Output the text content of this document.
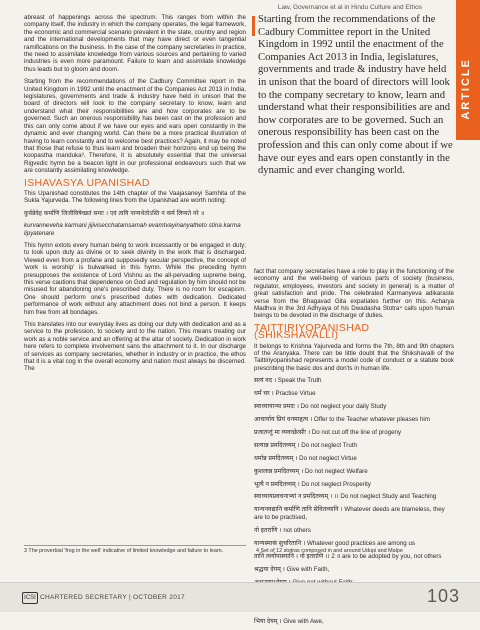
Law, Governance et al in Hindu Culture and Ethos
ARTICLE

abreast of happenings across the spectrum. This ranges from within the company itself, the industry in which the company operates, the legal framework, the economic and commercial scenario prevalent in the state, country and region and the international developments that may have direct or even tangential ramifications on the business. In the case of the company secretaries in practice, the need to assimilate knowledge from various sources and pertaining to varied industries is even more paramount. Failure to learn and assimilate knowledge thus leads but to gloom and doom.

Starting from the recommendations of the Cadbury Committee report in the United Kingdom in 1992 until the enactment of the Companies Act 2013 in India, legislatures, governments and trade & industry have held in unison that the board of directors will look to the company secretary to know, learn and understand what their responsibilities are and how corporates are to be governed. Such an onerous responsibility has been cast on the profession and this can only come about if we have our eyes and ears open constantly in the dynamic and ever changing world. Can there be a more practical illustration of having to learn constantly and to welcome best practices? Again, it may be noted that those that refuse to thus learn and broaden their horizons end up being the koopastha manduka³. Therefore, it is absolutely essential that the universal Rigvedic hymn be a beacon light in our professional endeavours such that we are constantly assimilating knowledge.

ISHAVASYA UPANISHAD

This Upanishad constitutes the 14th chapter of the Vaajasaneyi Samhita of the Sukla Yajurveda. The following lines from the Upanishad are worth noting:

कुर्वन्नेवेह कर्माणि जिजीविषेच्छतं समाः । एवं त्वयि नान्यथेतोऽस्ति न कर्म लिप्यते नरे ॥

kurvanneveha karmani jijivisecchatamsamah evamtvayinanyatheto stina karma lipyatenare

This hymn extols every human being to work incessantly or be engaged in duty; to look upon duty as divine or to seek divinity in the work that is discharged. Viewed even from a profane and supposedly secular perspective, the concept of 'work is worship' is bulwarked in this hymn. While the preceding hymn presupposes the existence of Lord Vishnu as the all-pervading supreme being, this verse cautions that dependence on God and regulation by him should not be misused for abandoning one's prescribed duty. There is no room for escapism. One should perform one's prescribed duties with dedication. Dedicated performance of work without any attachment does not bind a person. It keeps him free from all bondages.

This translates into our everyday lives as doing our duty with dedication and as a service to the profession, to society and to the nation. This means treating our work as a noble service and an offering at the altar of society. Dedication in work here refers to complete involvement sans the attachment to it. In our discharge of services as company secretaries, whether in industry or in practice, the ethos that it is a vital cog in the overall economy and nation must always be discerned. The

Starting from the recommendations of the Cadbury Committee report in the United Kingdom in 1992 until the enactment of the Companies Act 2013 in India, legislatures, governments and trade & industry have held in unison that the board of directors will look to the company secretary to know, learn and understand what their responsibilities are and how corporates are to be governed. Such an onerous responsibility has been cast on the profession and this can only come about if we have our eyes and ears open constantly in the dynamic and ever changing world.

fact that company secretaries have a role to play in the functioning of the economy and the well-being of various parts of society (business, regulator, employees, investors and society in general) is a matter of great satisfaction and pride. The celebrated Karmanyeva adikaraste verse from the Bhagavad Gita expatiates further on this. Acharya Madhva in the 3rd Adhyaya of his Dwadasha Stotra⁴ calls upon human beings to be devoted in the discharge of duties.

TAITTIRIYOPANISHAD (SHIKSHAVALLI)

It belongs to Krishna Yajurveda and forms the 7th, 8th and 9th chapters of the Aranyaka. There can be little doubt that the Shikshavalli of the Taittiriyopanishad represents a model code of conduct or a statute book prescribing the basic dos and don'ts in human life.

सत्यं वद । Speak the Truth

धर्मं चर । Practise Virtue

स्वाध्यायान्मा प्रमदः । Do not neglect your daily Study

आचार्याय प्रियं धनमाहृत्य । Offer to the Teacher whatever pleases him

प्रजातन्तुं मा व्यवच्छेत्सीः । Do not cut off the line of progeny

सत्यान्न प्रमदितव्यम् । Do not neglect Truth

धर्मान्न प्रमदितव्यम् । Do not neglect Virtue

कुशलान्न प्रमदितव्यम् । Do not neglect Welfare

भूत्यै न प्रमदितव्यम् । Do not neglect Prosperity

स्वाध्यायप्रवचनाभ्यां न प्रमदितव्यम् । ।। Do not neglect Study and Teaching

यान्यनवद्यानि कर्माणि तानि सेवितव्यानि । Whatever deeds are blameless, they are to be practised,

नो इतराणि । not others

यान्यस्माकं सुचरितानि । Whatever good practices are among us

तानि त्वयोपास्यानि । नो इतराणि ।। 2 ॥ are to be adopted by you, not others

श्रद्धया देयम् । Give with Faith,

भिया देयम् । Give with Awe,

3 The proverbial 'frog in the well' indicative of limited knowledge and failure to learn.	4 Set of 12 stotras composed in and around Udupi and Malpe
ICSI CHARTERED SECRETARY | OCTOBER 2017	103
